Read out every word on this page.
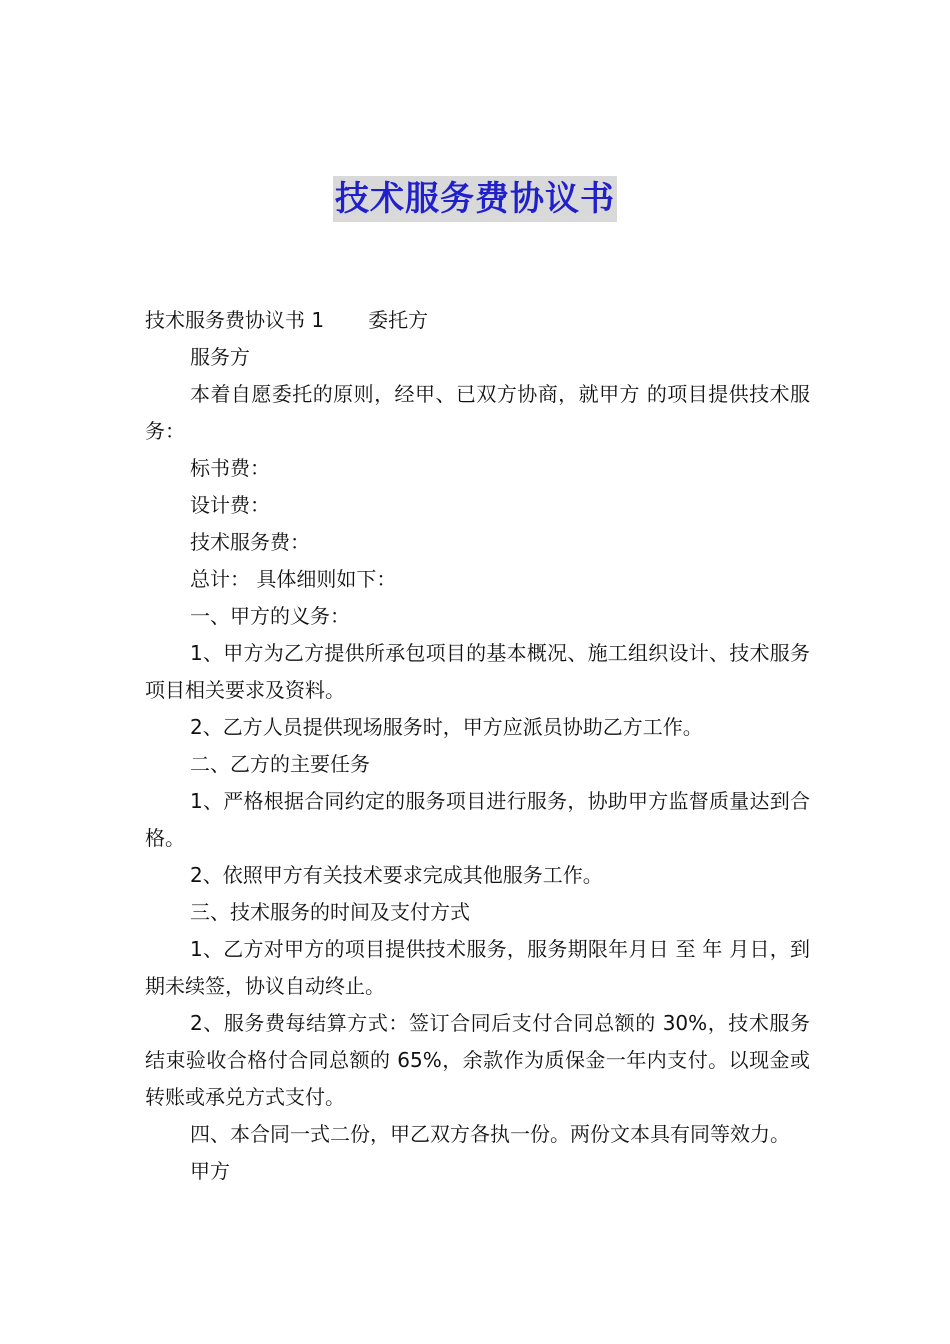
技术服务费协议书

技术服务费协议书 1 委托方

服务方

本着自愿委托的原则，经甲、已双方协商，就甲方 的项目提供技术服务：

标书费：

设计费：

技术服务费：

总计： 具体细则如下：

一、甲方的义务：

1、甲方为乙方提供所承包项目的基本概况、施工组织设计、技术服务项目相关要求及资料。

2、乙方人员提供现场服务时，甲方应派员协助乙方工作。

二、乙方的主要任务

1、严格根据合同约定的服务项目进行服务，协助甲方监督质量达到合格。

2、依照甲方有关技术要求完成其他服务工作。

三、技术服务的时间及支付方式

1、乙方对甲方的项目提供技术服务，服务期限年月日 至 年 月日，到期未续签，协议自动终止。

2、服务费每结算方式：签订合同后支付合同总额的 30%，技术服务结束验收合格付合同总额的 65%，余款作为质保金一年内支付。以现金或转账或承兑方式支付。

四、本合同一式二份，甲乙双方各执一份。两份文本具有同等效力。

甲方
